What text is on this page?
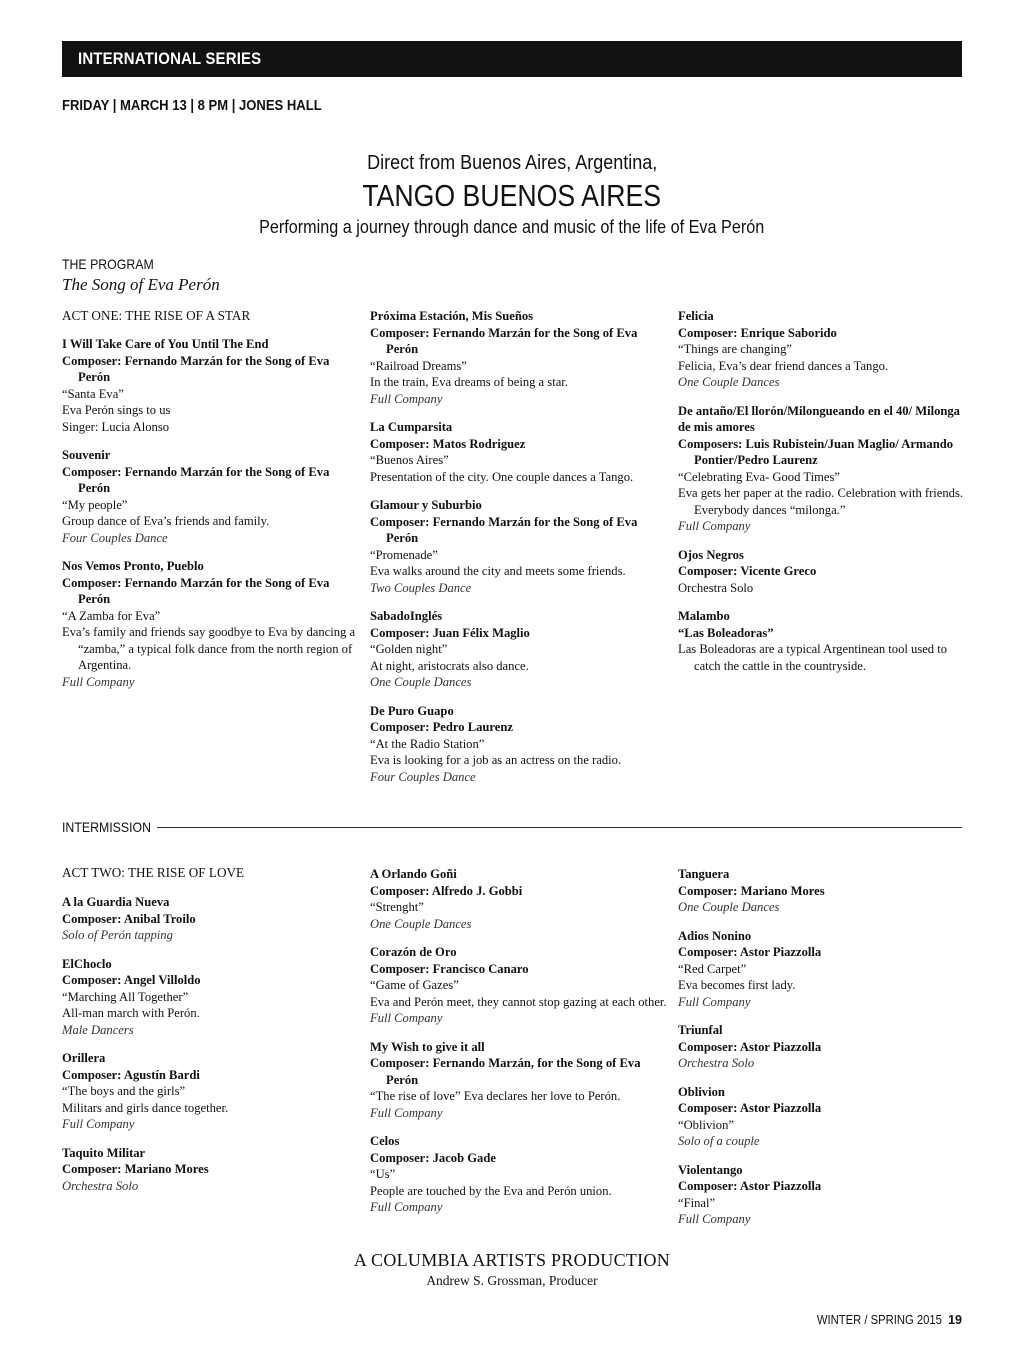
INTERNATIONAL SERIES
FRIDAY | MARCH 13 | 8 PM | JONES HALL
Direct from Buenos Aires, Argentina,
TANGO BUENOS AIRES
Performing a journey through dance and music of the life of Eva Perón
THE PROGRAM
The Song of Eva Perón
ACT ONE: THE RISE OF A STAR
I Will Take Care of You Until The End
Composer: Fernando Marzán for the Song of Eva Perón
“Santa Eva”
Eva Perón sings to us
Singer: Lucia Alonso
Souvenir
Composer: Fernando Marzán for the Song of Eva Perón
“My people”
Group dance of Eva’s friends and family.
Four Couples Dance
Nos Vemos Pronto, Pueblo
Composer: Fernando Marzán for the Song of Eva Perón
“A Zamba for Eva”
Eva’s family and friends say goodbye to Eva by dancing a “zamba,” a typical folk dance from the north region of Argentina.
Full Company
Próxima Estación, Mis Sueños
Composer: Fernando Marzán for the Song of Eva Perón
“Railroad Dreams”
In the train, Eva dreams of being a star.
Full Company
La Cumparsita
Composer: Matos Rodriguez
“Buenos Aires”
Presentation of the city. One couple dances a Tango.
Glamour y Suburbio
Composer: Fernando Marzán for the Song of Eva Perón
“Promenade”
Eva walks around the city and meets some friends.
Two Couples Dance
SabadoInglés
Composer: Juan Félix Maglio
“Golden night”
At night, aristocrats also dance.
One Couple Dances
De Puro Guapo
Composer: Pedro Laurenz
“At the Radio Station”
Eva is looking for a job as an actress on the radio.
Four Couples Dance
Felicia
Composer: Enrique Saborido
“Things are changing”
Felicia, Eva’s dear friend dances a Tango.
One Couple Dances
De antaño/El llorón/Milongueando en el 40/ Milonga de mis amores
Composers: Luis Rubistein/Juan Maglio/ Armando Pontier/Pedro Laurenz
“Celebrating Eva- Good Times”
Eva gets her paper at the radio. Celebration with friends. Everybody dances “milonga.”
Full Company
Ojos Negros
Composer: Vicente Greco
Orchestra Solo
Malambo
“Las Boleadoras”
Las Boleadoras are a typical Argentinean tool used to catch the cattle in the countryside.
INTERMISSION
ACT TWO: THE RISE OF LOVE
A la Guardia Nueva
Composer: Anibal Troilo
Solo of Perón tapping
ElChoclo
Composer: Angel Villoldo
“Marching All Together”
All-man march with Perón.
Male Dancers
Orillera
Composer: Agustín Bardi
“The boys and the girls”
Militars and girls dance together.
Full Company
Taquito Militar
Composer: Mariano Mores
Orchestra Solo
A Orlando Goñi
Composer: Alfredo J. Gobbi
“Strenght”
One Couple Dances
Corazón de Oro
Composer: Francisco Canaro
“Game of Gazes”
Eva and Perón meet, they cannot stop gazing at each other.
Full Company
My Wish to give it all
Composer: Fernando Marzán, for the Song of Eva Perón
“The rise of love” Eva declares her love to Perón.
Full Company
Celos
Composer: Jacob Gade
“Us”
People are touched by the Eva and Perón union.
Full Company
Tanguera
Composer: Mariano Mores
One Couple Dances
Adios Nonino
Composer: Astor Piazzolla
“Red Carpet”
Eva becomes first lady.
Full Company
Triunfal
Composer: Astor Piazzolla
Orchestra Solo
Oblivion
Composer: Astor Piazzolla
“Oblivion”
Solo of a couple
Violentango
Composer: Astor Piazzolla
“Final”
Full Company
A COLUMBIA ARTISTS PRODUCTION
Andrew S. Grossman, Producer
WINTER / SPRING 2015 19
